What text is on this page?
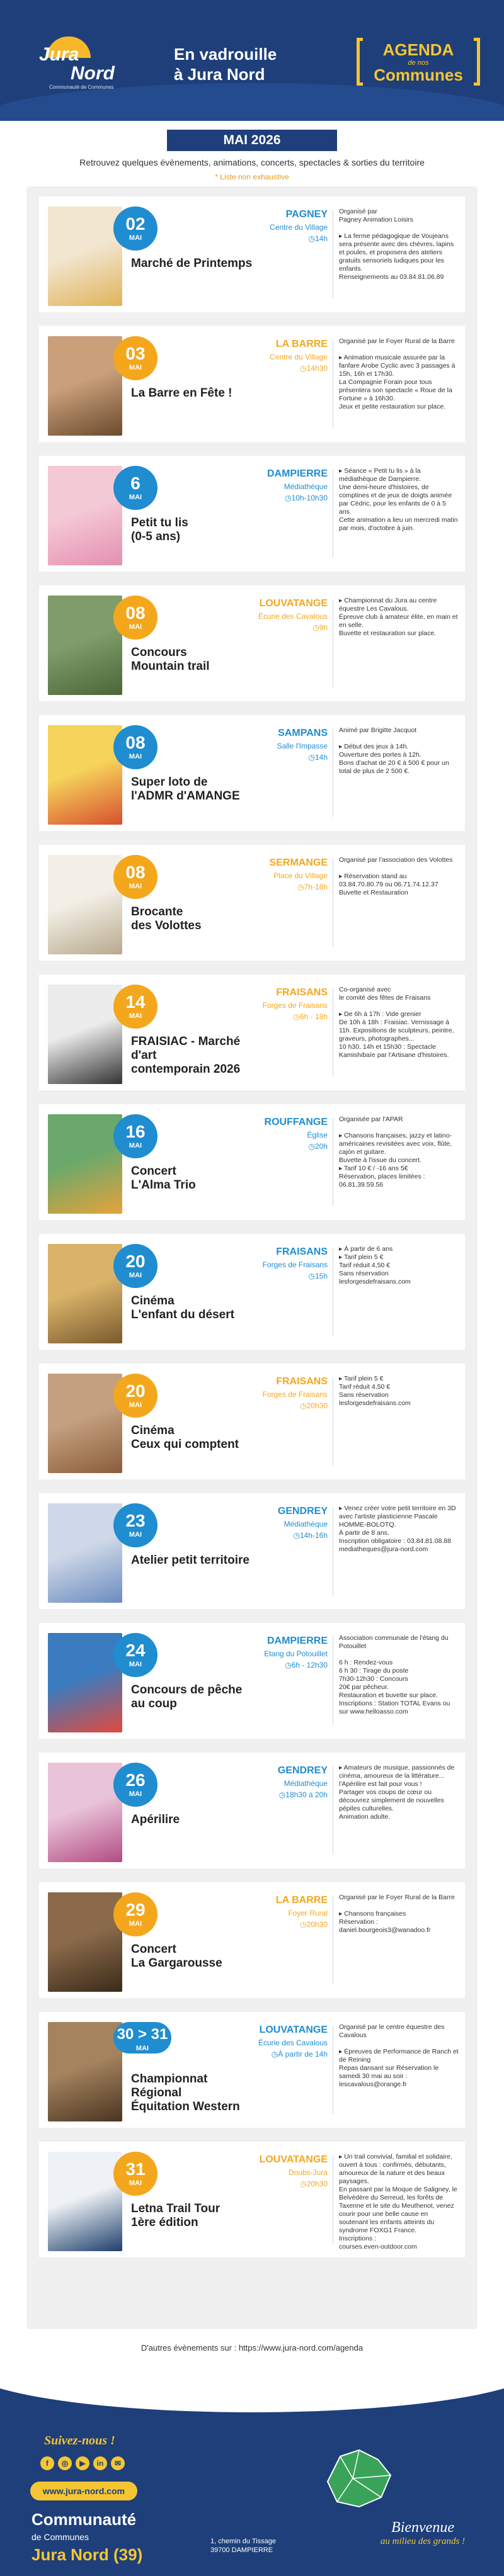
Jura
Nord
Communauté de Communes
En vadrouille
à Jura Nord
AGENDA
de nos
Communes
MAI 2026
Retrouvez quelques évènements, animations, concerts, spectacles & sorties du territoire
* Liste non exhaustive
02
MAI
Marché de Printemps
PAGNEY
Centre du Village
◷ 14h
Organisé par
Pagney Animation Loisirs

▸ La ferme pédagogique de Voujeans sera présente avec des chèvres, lapins et poules, et proposera des ateliers gratuits sensoriels ludiques pour les enfants.
Renseignements au 03.84.81.06.89
03
MAI
La Barre en Fête !
LA BARRE
Centre du Village
◷ 14h30
Organisé par le Foyer Rural de la Barre

▸ Animation musicale assurée par la fanfare Arobe Cyclic avec 3 passages à 15h, 16h et 17h30.
La Compagnie Forain pour tous présentera son spectacle « Roue de la Fortune » à 16h30.
Jeux et petite restauration sur place.
6
MAI
Petit tu lis
(0-5 ans)
DAMPIERRE
Médiathèque
◷ 10h-10h30
▸ Séance « Petit tu lis » à la médiathèque de Dampierre.
Une demi-heure d'histoires, de comptines et de jeux de doigts animée par Cédric, pour les enfants de 0 à 5 ans.
Cette animation a lieu un mercredi matin par mois, d'octobre à juin.
08
MAI
Concours
Mountain trail
LOUVATANGE
Écurie des Cavalous
◷ 9h
▸ Championnat du Jura au centre équestre Les Cavalous.
Épreuve club à amateur élite, en main et en selle.
Buvette et restauration sur place.
08
MAI
Super loto de
l'ADMR d'AMANGE
SAMPANS
Salle l'Impasse
◷ 14h
Animé par Brigitte Jacquot

▸ Début des jeux à 14h.
Ouverture des portes à 12h.
Bons d'achat de 20 € à 500 € pour un total de plus de 2 500 €.
08
MAI
Brocante
des Volottes
SERMANGE
Place du Village
◷ 7h-18h
Organisé par l'association des Volottes

▸ Réservation stand au
03.84.70.80.79 ou 06.71.74.12.37
Buvette et Restauration
14
MAI
FRAISIAC - Marché d'art
contemporain 2026
FRAISANS
Forges de Fraisans
◷ 6h - 18h
Co-organisé avec
le comité des fêtes de Fraisans

▸ De 6h à 17h : Vide grenier
De 10h à 18h : Fraisiac. Vernissage à 11h. Expositions de sculpteurs, peintre, graveurs, photographes...
10 h30, 14h et 15h30 : Spectacle Kamishibaïe par l'Artisane d'histoires.
16
MAI
Concert
L'Alma Trio
ROUFFANGE
Église
◷ 20h
Organisée par l'APAR

▸ Chansons françaises, jazzy et latino-américaines revisitées avec voix, flûte, cajón et guitare.
Buvette à l'issue du concert.
▸ Tarif 10 € / -16 ans 5€
Réservation, places limitées :
06.81.39.59.56
20
MAI
Cinéma
L'enfant du désert
FRAISANS
Forges de Fraisans
◷ 15h
▸ À partir de 6 ans
▸ Tarif plein 5 €
Tarif réduit 4,50 €
Sans réservation
lesforgesdefraisans.com
20
MAI
Cinéma
Ceux qui comptent
FRAISANS
Forges de Fraisans
◷ 20h30
▸ Tarif plein 5 €
Tarif réduit 4,50 €
Sans réservation
lesforgesdefraisans.com
23
MAI
Atelier petit territoire
GENDREY
Médiathèque
◷ 14h-16h
▸ Venez créer votre petit territoire en 3D avec l'artiste plasticienne Pascale HOMME-BOLOTQ.
À partir de 8 ans.
Inscription obligatoire : 03.84.81.08.88
mediatheques@jura-nord.com
24
MAI
Concours de pêche
au coup
DAMPIERRE
Etang du Potouillet
◷ 6h - 12h30
Association communale de l'étang du Potouillet

6 h : Rendez-vous
6 h 30 : Tirage du poste
7h30-12h30 : Concours
20€ par pêcheur.
Restauration et buvette sur place.
Inscriptions : Station TOTAL Evans ou sur www.helloasso.com
26
MAI
Apérilire
GENDREY
Médiathèque
◷ 18h30 à 20h
▸ Amateurs de musique, passionnés de cinéma, amoureux de la littérature... l'Apérilire est fait pour vous !
Partager vos coups de cœur ou découvrez simplement de nouvelles pépites culturelles.
Animation adulte.
29
MAI
Concert
La Gargarousse
LA BARRE
Foyer Rural
◷ 20h30
Organisé par le Foyer Rural de la Barre

▸ Chansons françaises
Réservation :
daniel.bourgeois3@wanadoo.fr
30 > 31
MAI
Championnat Régional
Équitation Western
LOUVATANGE
Écurie des Cavalous
◷ À partir de 14h
Organisé par le centre équestre des Cavalous

▸ Épreuves de Performance de Ranch et de Reining
Repas dansant sur Réservation le samedi 30 mai au soir :
lescavalous@orange.fr
31
MAI
Letna Trail Tour
1ère édition
LOUVATANGE
Doubs-Jura
◷ 20h30
▸ Un trail convivial, familial et solidaire, ouvert à tous : confirmés, débutants, amoureux de la nature et des beaux paysages.
En passant par la Moque de Saligney, le Belvédère du Serreud, les forêts de Taxenne et le site du Meuthenot, venez courir pour une belle cause en soutenant les enfants atteints du syndrome FOXG1 France.
Inscriptions :
courses.even-outdoor.com
D'autres évènements sur : https://www.jura-nord.com/agenda
Suivez-nous !
f ◎ ▶ in ✉
www.jura-nord.com
Communauté
de Communes
Jura Nord (39)
1, chemin du Tissage
39700 DAMPIERRE
Bienvenue
au milieu des grands !
